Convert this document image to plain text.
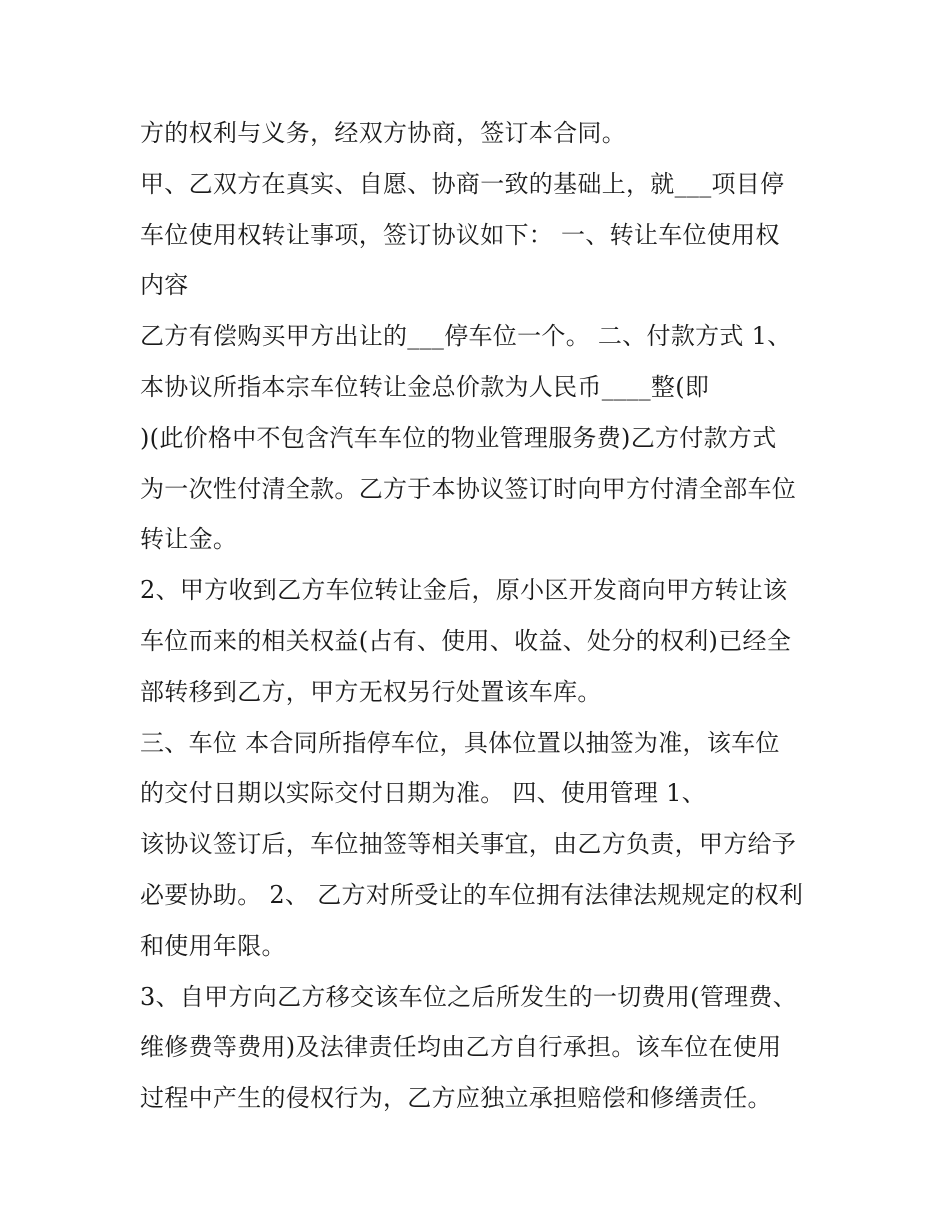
方的权利与义务，经双方协商，签订本合同。
甲、乙双方在真实、自愿、协商一致的基础上，就___项目停
车位使用权转让事项，签订协议如下： 一、转让车位使用权
内容
乙方有偿购买甲方出让的___停车位一个。 二、付款方式 1、
本协议所指本宗车位转让金总价款为人民币____整(即
)(此价格中不包含汽车车位的物业管理服务费)乙方付款方式
为一次性付清全款。乙方于本协议签订时向甲方付清全部车位
转让金。
2、甲方收到乙方车位转让金后，原小区开发商向甲方转让该
车位而来的相关权益(占有、使用、收益、处分的权利)已经全
部转移到乙方，甲方无权另行处置该车库。
三、车位 本合同所指停车位，具体位置以抽签为准，该车位
的交付日期以实际交付日期为准。 四、使用管理 1、
该协议签订后，车位抽签等相关事宜，由乙方负责，甲方给予
必要协助。 2、 乙方对所受让的车位拥有法律法规规定的权利
和使用年限。
3、自甲方向乙方移交该车位之后所发生的一切费用(管理费、
维修费等费用)及法律责任均由乙方自行承担。该车位在使用
过程中产生的侵权行为，乙方应独立承担赔偿和修缮责任。
